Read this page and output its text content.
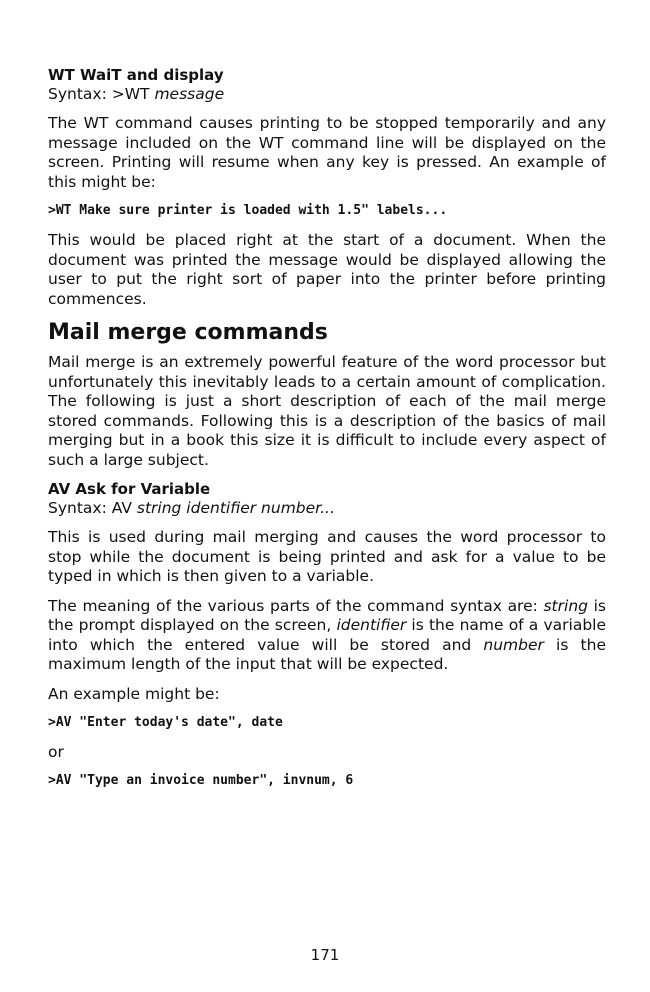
WT WaiT and display

Syntax: >WT message

The WT command causes printing to be stopped temporarily and any message included on the WT command line will be displayed on the screen. Printing will resume when any key is pressed. An example of this might be:

>WT Make sure printer is loaded with 1.5" labels...

This would be placed right at the start of a document. When the document was printed the message would be displayed allowing the user to put the right sort of paper into the printer before printing commences.

Mail merge commands

Mail merge is an extremely powerful feature of the word processor but unfortunately this inevitably leads to a certain amount of complication. The following is just a short description of each of the mail merge stored commands. Following this is a description of the basics of mail merging but in a book this size it is difficult to include every aspect of such a large subject.

AV Ask for Variable

Syntax: AV string identifier number...

This is used during mail merging and causes the word processor to stop while the document is being printed and ask for a value to be typed in which is then given to a variable.

The meaning of the various parts of the command syntax are: string is the prompt displayed on the screen, identifier is the name of a variable into which the entered value will be stored and number is the maximum length of the input that will be expected.

An example might be:

>AV "Enter today's date", date

or

>AV "Type an invoice number", invnum, 6

171
